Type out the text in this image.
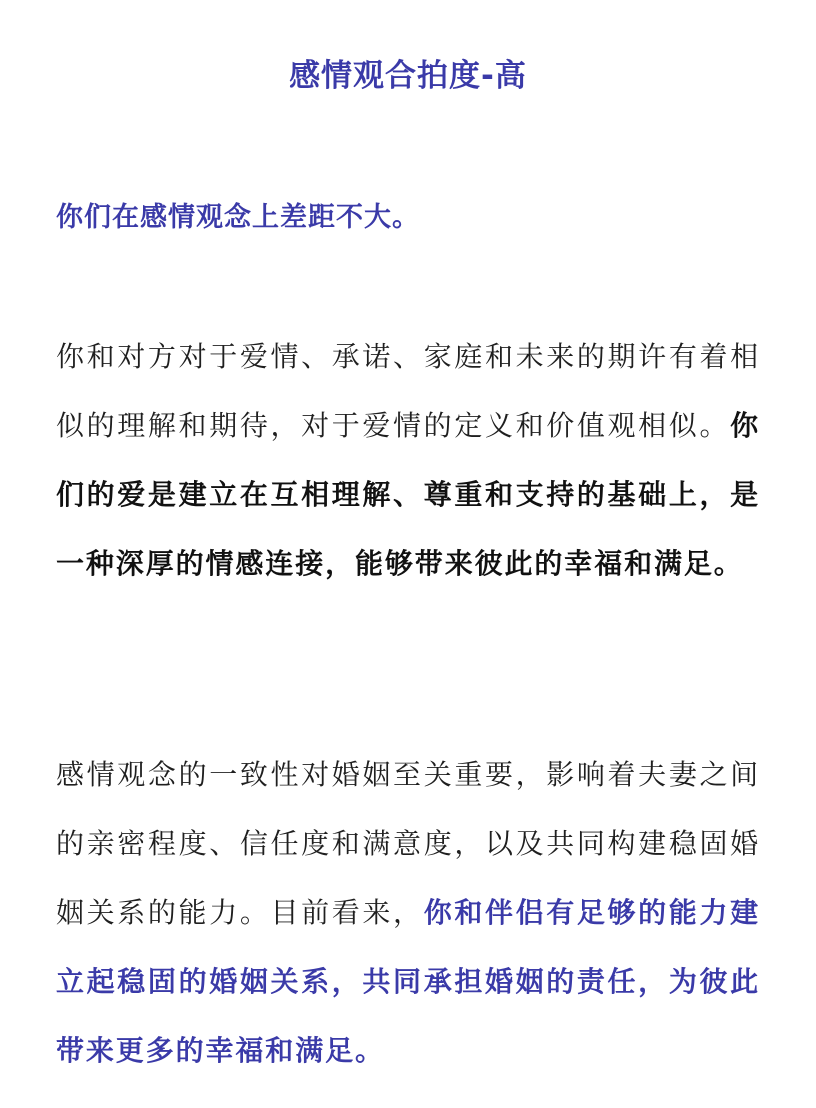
感情观合拍度-高
你们在感情观念上差距不大。
你和对方对于爱情、承诺、家庭和未来的期许有着相似的理解和期待，对于爱情的定义和价值观相似。你们的爱是建立在互相理解、尊重和支持的基础上，是一种深厚的情感连接，能够带来彼此的幸福和满足。
感情观念的一致性对婚姻至关重要，影响着夫妻之间的亲密程度、信任度和满意度，以及共同构建稳固婚姻关系的能力。目前看来，你和伴侣有足够的能力建立起稳固的婚姻关系，共同承担婚姻的责任，为彼此带来更多的幸福和满足。
